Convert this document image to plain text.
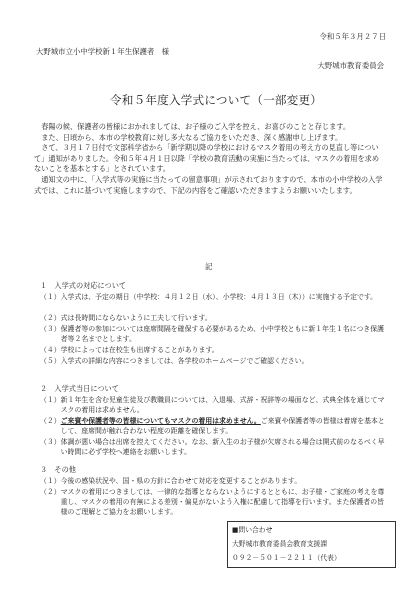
令和５年３月２７日
大野城市立小中学校新１年生保護者　様
大野城市教育委員会
令和５年度入学式について（一部変更）
春陽の候、保護者の皆様におかれましては、お子様のご入学を控え、お喜びのことと存じます。
また、日頃から、本市の学校教育に対し多大なるご協力をいただき、深く感謝申し上げます。
さて、３月１７日付で文部科学省から「新学期以降の学校におけるマスク着用の考え方の見直し等について」通知がありました。令和５年４月１日以降「学校の教育活動の実施に当たっては、マスクの着用を求めないことを基本とする」とされています。
通知文の中に、「入学式等の実施に当たっての留意事項」が示されておりますので、本市の小中学校の入学式では、これに基づいて実施しますので、下記の内容をご確認いただきますようお願いいたします。
記
１　入学式の対応について
（１） 入学式は、予定の期日（中学校：４月１２日（水）、小学校：４月１３日（木））に実施する予定です。
（２） 式は長時間にならないように工夫して行います。
（３） 保護者等の参加については座席間隔を確保する必要があるため、小中学校ともに新１年生１名につき保護者等２名までとします。
（４） 学校によっては在校生も出席することがあります。
（５） 入学式の詳細な内容につきましては、各学校のホームページでご確認ください。
２　入学式当日について
（１） 新１年生を含む児童生徒及び教職員については、入退場、式辞・祝辞等の場面など、式典全体を通じてマスクの着用は求めません。
（２） ご来賓や保護者等の皆様についてもマスクの着用は求めません。ご来賓や保護者等の皆様は着席を基本として、座席間が触れ合わない程度の距離を確保します。
（３） 体調が悪い場合は出席を控えてください。なお、新入生のお子様が欠席される場合は開式前のなるべく早い時間に必ず学校へ連絡をお願いします。
３　その他
（１） 今後の感染状況や、国・県の方針に合わせて対応を変更することがあります。
（２） マスクの着用につきましては、一律的な指導とならないようにするとともに、お子様・ご家庭の考えを尊重し、マスクの着用の有無による差別・偏見がないよう入権に配慮して指導を行います。また保護者の皆様のご理解とご協力をお願いします。
■問い合わせ
大野城市教育委員会教育支援課
０９２－５０１－２２１１（代表）
